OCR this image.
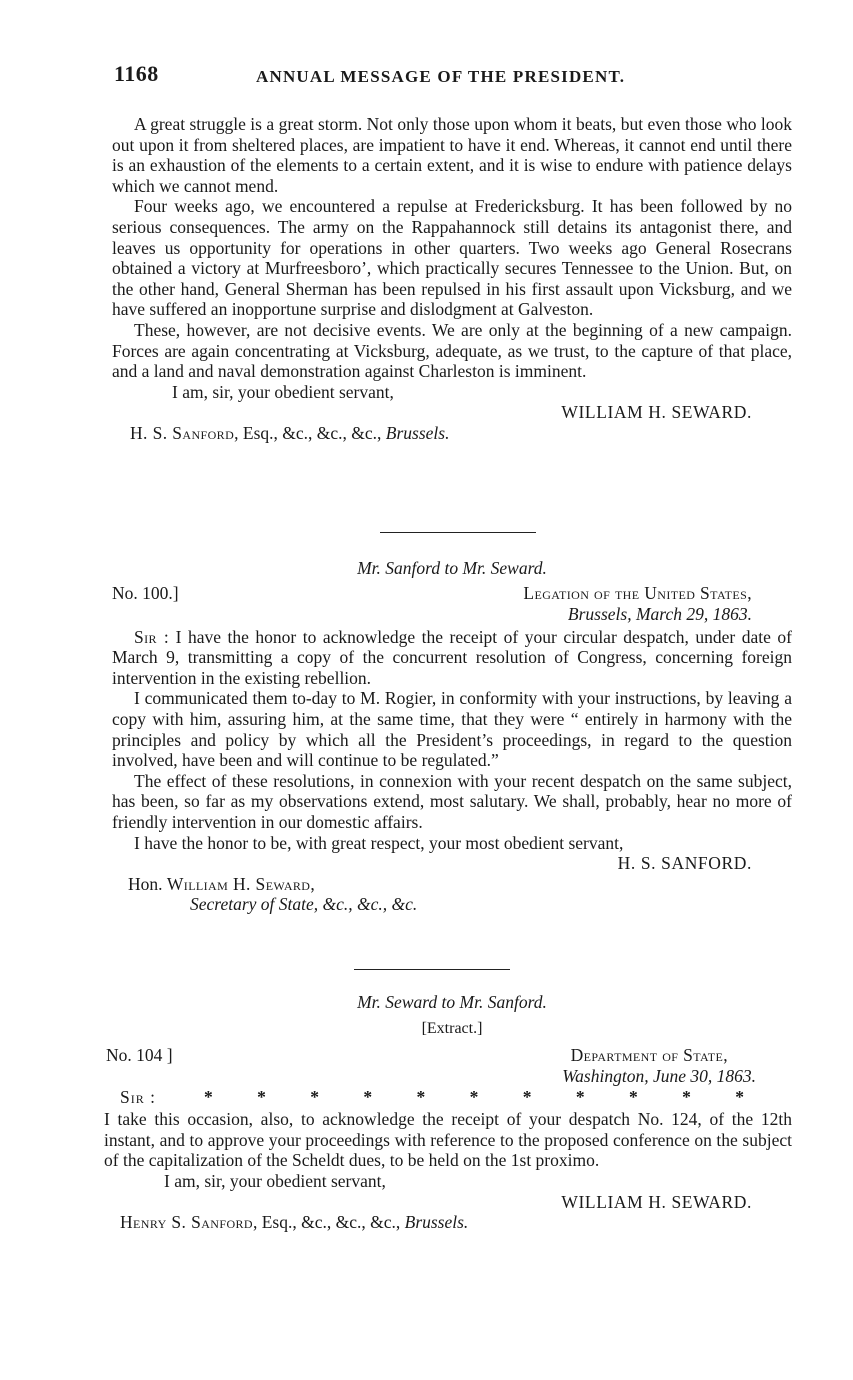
1168	ANNUAL MESSAGE OF THE PRESIDENT.

A great struggle is a great storm. Not only those upon whom it beats, but even those who look out upon it from sheltered places, are impatient to have it end. Whereas, it cannot end until there is an exhaustion of the elements to a certain extent, and it is wise to endure with patience delays which we cannot mend.

Four weeks ago, we encountered a repulse at Fredericksburg. It has been followed by no serious consequences. The army on the Rappahannock still detains its antagonist there, and leaves us opportunity for operations in other quarters. Two weeks ago General Rosecrans obtained a victory at Murfreesboro’, which practically secures Tennessee to the Union. But, on the other hand, General Sherman has been repulsed in his first assault upon Vicksburg, and we have suffered an inopportune surprise and dislodgment at Galveston.

These, however, are not decisive events. We are only at the beginning of a new campaign. Forces are again concentrating at Vicksburg, adequate, as we trust, to the capture of that place, and a land and naval demonstration against Charleston is imminent.

I am, sir, your obedient servant,

WILLIAM H. SEWARD.

H. S. Sanford, Esq., &c., &c., &c., Brussels.

Mr. Sanford to Mr. Seward.

No. 100.]	Legation of the United States,
Brussels, March 29, 1863.

Sir : I have the honor to acknowledge the receipt of your circular despatch, under date of March 9, transmitting a copy of the concurrent resolution of Congress, concerning foreign intervention in the existing rebellion.

I communicated them to-day to M. Rogier, in conformity with your instructions, by leaving a copy with him, assuring him, at the same time, that they were “ entirely in harmony with the principles and policy by which all the President’s proceedings, in regard to the question involved, have been and will continue to be regulated.”

The effect of these resolutions, in connexion with your recent despatch on the same subject, has been, so far as my observations extend, most salutary. We shall, probably, hear no more of friendly intervention in our domestic affairs.

I have the honor to be, with great respect, your most obedient servant,

H. S. SANFORD.

Hon. William H. Seward,

Secretary of State, &c., &c., &c.

Mr. Seward to Mr. Sanford.

[Extract.]

No. 104 ]	Department of State,
Washington, June 30, 1863.
Sir :	*	*	*	*	*	*	*	*	*	*	*

I take this occasion, also, to acknowledge the receipt of your despatch No. 124, of the 12th instant, and to approve your proceedings with reference to the proposed conference on the subject of the capitalization of the Scheldt dues, to be held on the 1st proximo.

I am, sir, your obedient servant,

WILLIAM H. SEWARD.

Henry S. Sanford, Esq., &c., &c., &c., Brussels.
